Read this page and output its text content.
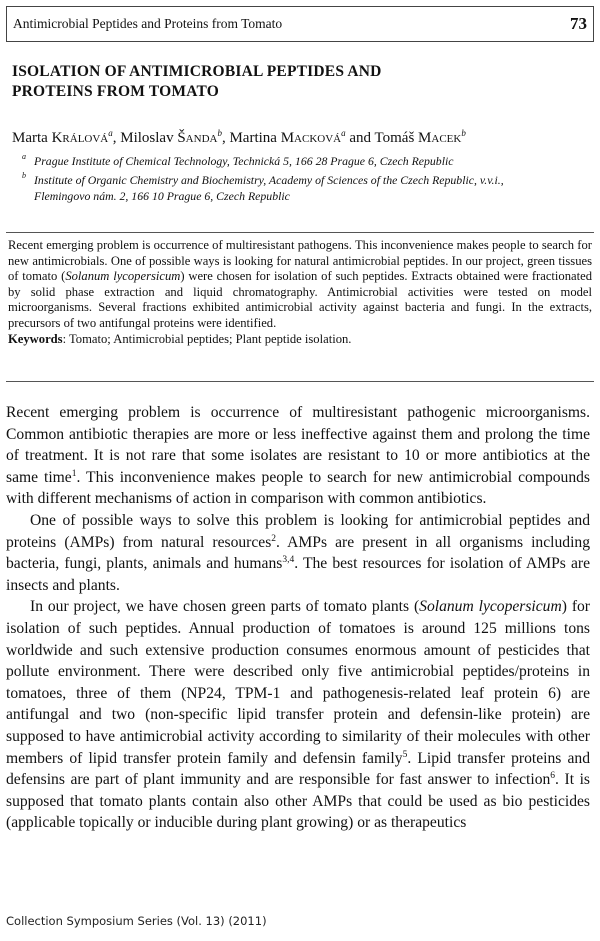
Antimicrobial Peptides and Proteins from Tomato	73
ISOLATION OF ANTIMICROBIAL PEPTIDES AND
PROTEINS FROM TOMATO
Marta Králová$^a$, Miloslav Šanda$^b$, Martina Macková$^a$ and Tomáš Macek$^b$
a Prague Institute of Chemical Technology, Technická 5, 166 28 Prague 6, Czech Republic
b Institute of Organic Chemistry and Biochemistry, Academy of Sciences of the Czech Republic, v.v.i.,
Flemingovo nám. 2, 166 10 Prague 6, Czech Republic

Recent emerging problem is occurrence of multiresistant pathogens. This inconvenience makes people to search for new antimicrobials. One of possible ways is looking for natural antimicrobial peptides. In our project, green tissues of tomato (Solanum lycopersicum) were chosen for isolation of such peptides. Extracts obtained were fractionated by solid phase extraction and liquid chromatography. Antimicrobial activities were tested on model microorganisms. Several fractions exhibited antimicrobial activity against bacteria and fungi. In the extracts, precursors of two antifungal proteins were identified.

Keywords: Tomato; Antimicrobial peptides; Plant peptide isolation.

Recent emerging problem is occurrence of multiresistant pathogenic microorganisms. Common antibiotic therapies are more or less ineffective against them and prolong the time of treatment. It is not rare that some isolates are resistant to 10 or more antibiotics at the same time$^1$. This inconvenience makes people to search for new antimicrobial compounds with different mechanisms of action in comparison with common antibiotics.

One of possible ways to solve this problem is looking for antimicrobial peptides and proteins (AMPs) from natural resources$^2$. AMPs are present in all organisms including bacteria, fungi, plants, animals and humans$^{3,4}$. The best resources for isolation of AMPs are insects and plants.

In our project, we have chosen green parts of tomato plants (Solanum lycopersicum) for isolation of such peptides. Annual production of tomatoes is around 125 millions tons worldwide and such extensive production consumes enormous amount of pesticides that pollute environment. There were described only five antimicrobial peptides/proteins in tomatoes, three of them (NP24, TPM-1 and pathogenesis-related leaf protein 6) are antifungal and two (non-specific lipid transfer protein and defensin-like protein) are supposed to have antimicrobial activity according to similarity of their molecules with other members of lipid transfer protein family and defensin family$^5$. Lipid transfer proteins and defensins are part of plant immunity and are responsible for fast answer to infection$^6$. It is supposed that tomato plants contain also other AMPs that could be used as bio pesticides (applicable topically or inducible during plant growing) or as therapeutics

Collection Symposium Series (Vol. 13) (2011)
